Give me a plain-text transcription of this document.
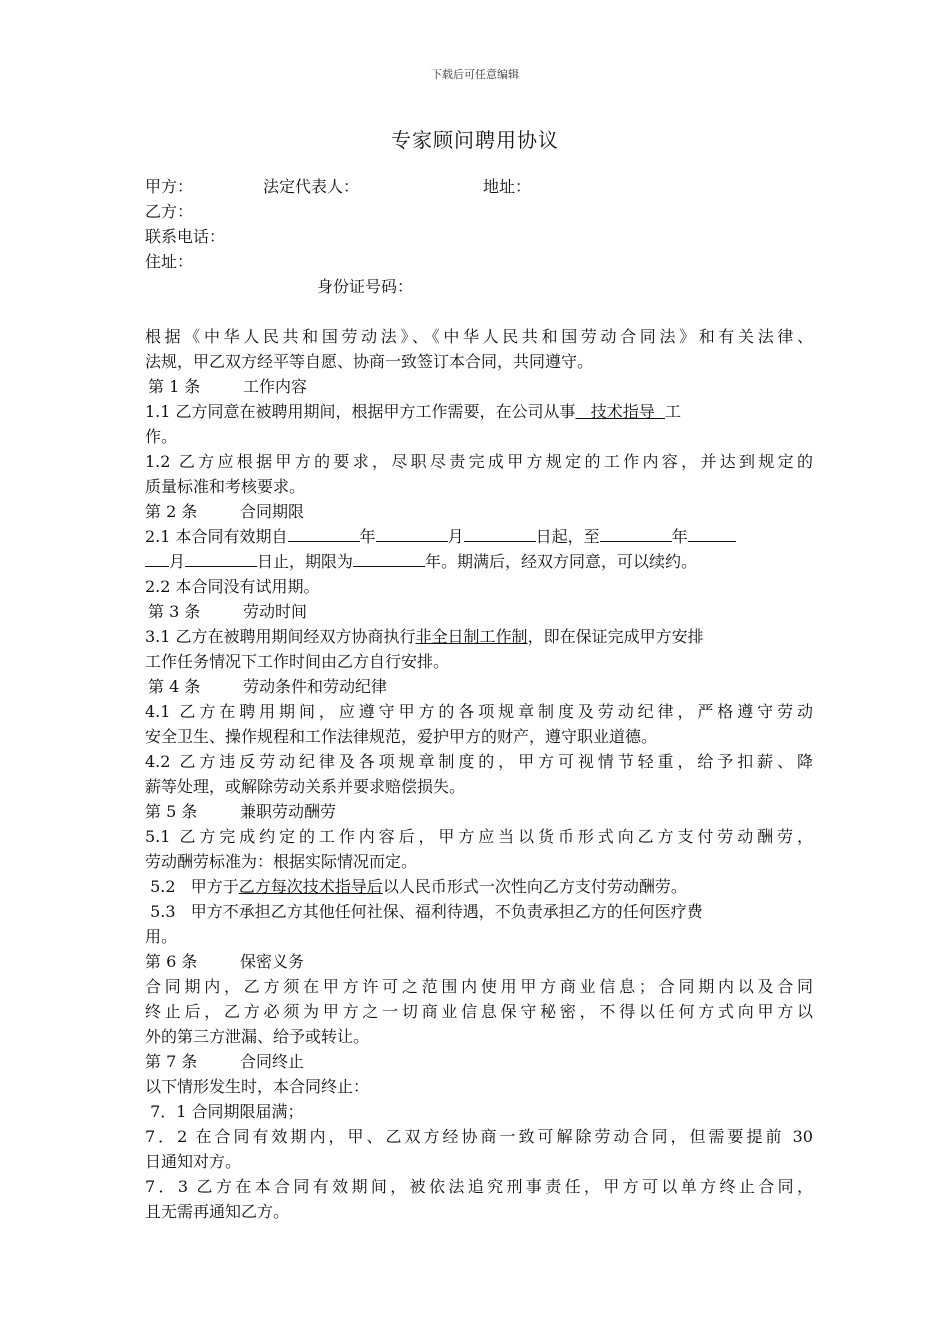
下载后可任意编辑
专家顾问聘用协议
甲方：	法定代表人：	地址：
乙方：
联系电话：
住址：
身份证号码：
根据《中华人民共和国劳动法》、《中华人民共和国劳动合同法》和有关法律、
法规，甲乙双方经平等自愿、协商一致签订本合同，共同遵守。
第 1 条	工作内容
1.1 乙方同意在被聘用期间，根据甲方工作需要，在公司从事   技术指导  工
作。
1.2 乙方应根据甲方的要求，尽职尽责完成甲方规定的工作内容，并达到规定的
质量标准和考核要求。
第 2 条	合同期限
2.1 本合同有效期自	年	月	日起，至	年
月	日止，期限为	年。期满后，经双方同意，可以续约。
2.2 本合同没有试用期。
第 3 条	劳动时间
3.1 乙方在被聘用期间经双方协商执行非全日制工作制，即在保证完成甲方安排
工作任务情况下工作时间由乙方自行安排。
第 4 条	劳动条件和劳动纪律
4.1 乙方在聘用期间，应遵守甲方的各项规章制度及劳动纪律，严格遵守劳动
安全卫生、操作规程和工作法律规范，爱护甲方的财产，遵守职业道德。
4.2 乙方违反劳动纪律及各项规章制度的，甲方可视情节轻重，给予扣薪、降
薪等处理，或解除劳动关系并要求赔偿损失。
第 5 条	兼职劳动酬劳
5.1 乙方完成约定的工作内容后，甲方应当以货币形式向乙方支付劳动酬劳，
劳动酬劳标准为：根据实际情况而定。
5.2   甲方于乙方每次技术指导后以人民币形式一次性向乙方支付劳动酬劳。
5.3   甲方不承担乙方其他任何社保、福利待遇，不负责承担乙方的任何医疗费
用。
第 6 条	保密义务
合同期内，乙方须在甲方许可之范围内使用甲方商业信息；合同期内以及合同
终止后，乙方必须为甲方之一切商业信息保守秘密，不得以任何方式向甲方以
外的第三方泄漏、给予或转让。
第 7 条	合同终止
以下情形发生时，本合同终止：
7．1 合同期限届满；
7．2 在合同有效期内，甲、乙双方经协商一致可解除劳动合同，但需要提前 30
日通知对方。
7．3 乙方在本合同有效期间，被依法追究刑事责任，甲方可以单方终止合同，
且无需再通知乙方。
